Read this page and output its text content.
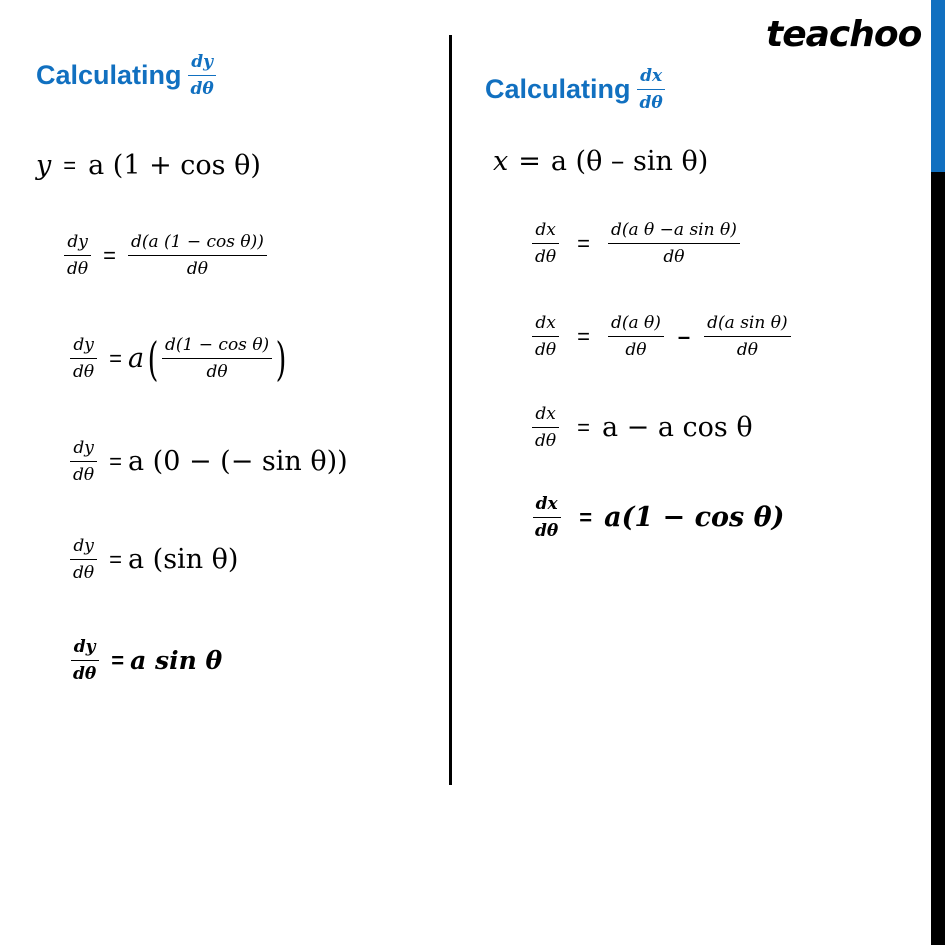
teachoo
Calculating $\frac{dy}{d\theta}$
y = a (1 + cos θ)
$\frac{dy}{d\theta} = \frac{\text{d(a (1 − cos θ))}}{d\theta}$
$\frac{dy}{d\theta} = a$ ( $\frac{\text{d(1 − cos θ)}}{d\theta}$ )
$\frac{dy}{d\theta} = a$ (0 − (− sin θ))
$\frac{dy}{d\theta} = a$ (sin θ)
$\frac{dy}{d\theta} = a$ sin θ
Calculating $\frac{dx}{d\theta}$
x = a (θ – sin θ)
$\frac{dx}{d\theta} = \frac{\text{d(a θ −a sin θ)}}{d\theta}$
$\frac{dx}{d\theta} = \frac{\text{d(a θ)}}{d\theta} - \frac{\text{d(a sin θ)}}{d\theta}$
$\frac{dx}{d\theta} = a - a$ cos θ
$\frac{dx}{d\theta} = a(1 - \cos \theta)$
